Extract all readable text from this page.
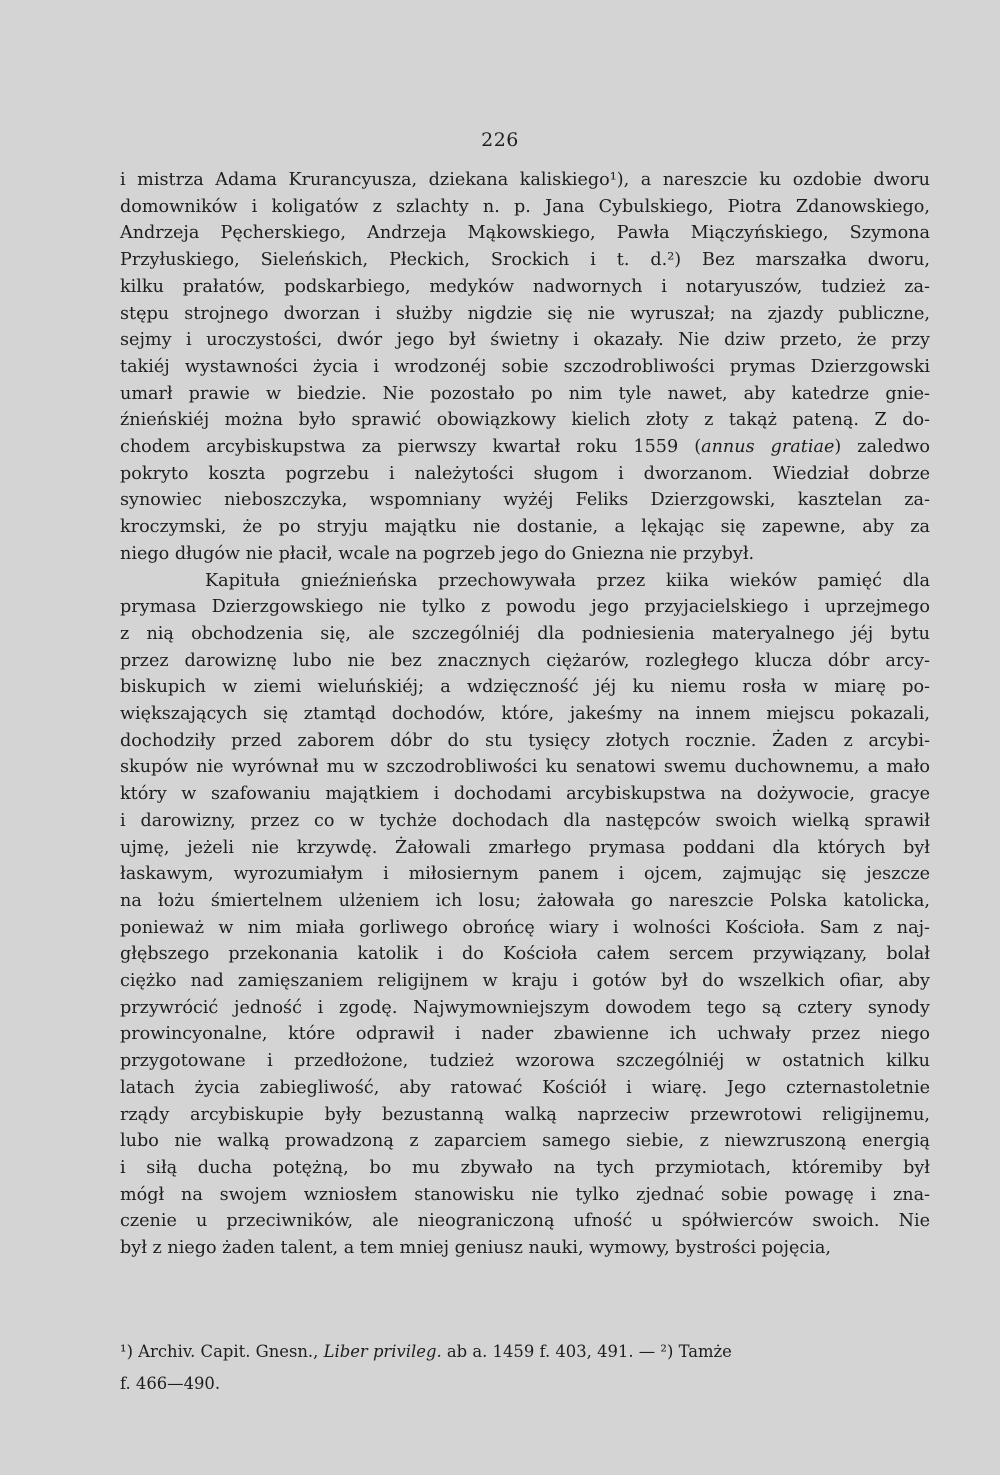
226
i mistrza Adama Krurancyusza, dziekana kaliskiego¹), a nareszcie ku ozdobie dworu
domowników i koligatów z szlachty n. p. Jana Cybulskiego, Piotra Zdanowskiego,
Andrzeja Pęcherskiego, Andrzeja Mąkowskiego, Pawła Miączyńskiego, Szymona
Przyłuskiego, Sieleńskich, Płeckich, Srockich i t. d.²) Bez marszałka dworu,
kilku prałatów, podskarbiego, medyków nadwornych i notaryuszów, tudzież za-
stępu strojnego dworzan i służby nigdzie się nie wyruszał; na zjazdy publiczne,
sejmy i uroczystości, dwór jego był świetny i okazały. Nie dziw przeto, że przy
takiéj wystawności życia i wrodzonéj sobie szczodrobliwości prymas Dzierzgowski
umarł prawie w biedzie. Nie pozostało po nim tyle nawet, aby katedrze gnie-
źnieńskiéj można było sprawić obowiązkowy kielich złoty z takąż pateną. Z do-
chodem arcybiskupstwa za pierwszy kwartał roku 1559 (annus gratiae) zaledwo
pokryto koszta pogrzebu i należytości sługom i dworzanom. Wiedział dobrze
synowiec nieboszczyka, wspomniany wyżéj Feliks Dzierzgowski, kasztelan za-
kroczymski, że po stryju majątku nie dostanie, a lękając się zapewne, aby za
niego długów nie płacił, wcale na pogrzeb jego do Gniezna nie przybył.
Kapituła gnieźnieńska przechowywała przez kiika wieków pamięć dla
prymasa Dzierzgowskiego nie tylko z powodu jego przyjacielskiego i uprzejmego
z nią obchodzenia się, ale szczególniéj dla podniesienia materyalnego jéj bytu
przez darowiznę lubo nie bez znacznych ciężarów, rozległego klucza dóbr arcy-
biskupich w ziemi wieluńskiéj; a wdzięczność jéj ku niemu rosła w miarę po-
większających się ztamtąd dochodów, które, jakeśmy na innem miejscu pokazali,
dochodziły przed zaborem dóbr do stu tysięcy złotych rocznie. Żaden z arcybi-
skupów nie wyrównał mu w szczodrobliwości ku senatowi swemu duchownemu, a mało
który w szafowaniu majątkiem i dochodami arcybiskupstwa na dożywocie, gracye
i darowizny, przez co w tychże dochodach dla następców swoich wielką sprawił
ujmę, jeżeli nie krzywdę. Żałowali zmarłego prymasa poddani dla których był
łaskawym, wyrozumiałym i miłosiernym panem i ojcem, zajmując się jeszcze
na łożu śmiertelnem ulżeniem ich losu; żałowała go nareszcie Polska katolicka,
ponieważ w nim miała gorliwego obrońcę wiary i wolności Kościoła. Sam z naj-
głębszego przekonania katolik i do Kościoła całem sercem przywiązany, bolał
ciężko nad zamięszaniem religijnem w kraju i gotów był do wszelkich ofiar, aby
przywrócić jedność i zgodę. Najwymowniejszym dowodem tego są cztery synody
prowincyonalne, które odprawił i nader zbawienne ich uchwały przez niego
przygotowane i przedłożone, tudzież wzorowa szczególniéj w ostatnich kilku
latach życia zabiegliwość, aby ratować Kościół i wiarę. Jego czternastoletnie
rządy arcybiskupie były bezustanną walką naprzeciw przewrotowi religijnemu,
lubo nie walką prowadzoną z zaparciem samego siebie, z niewzruszoną energią
i siłą ducha potężną, bo mu zbywało na tych przymiotach, któremiby był
mógł na swojem wzniosłem stanowisku nie tylko zjednać sobie powagę i zna-
czenie u przeciwników, ale nieograniczoną ufność u spółwierców swoich. Nie
był z niego żaden talent, a tem mniej geniusz nauki, wymowy, bystrości pojęcia,
¹) Archiv. Capit. Gnesn., Liber privileg. ab a. 1459 f. 403, 491. — ²) Tamże
f. 466—490.
